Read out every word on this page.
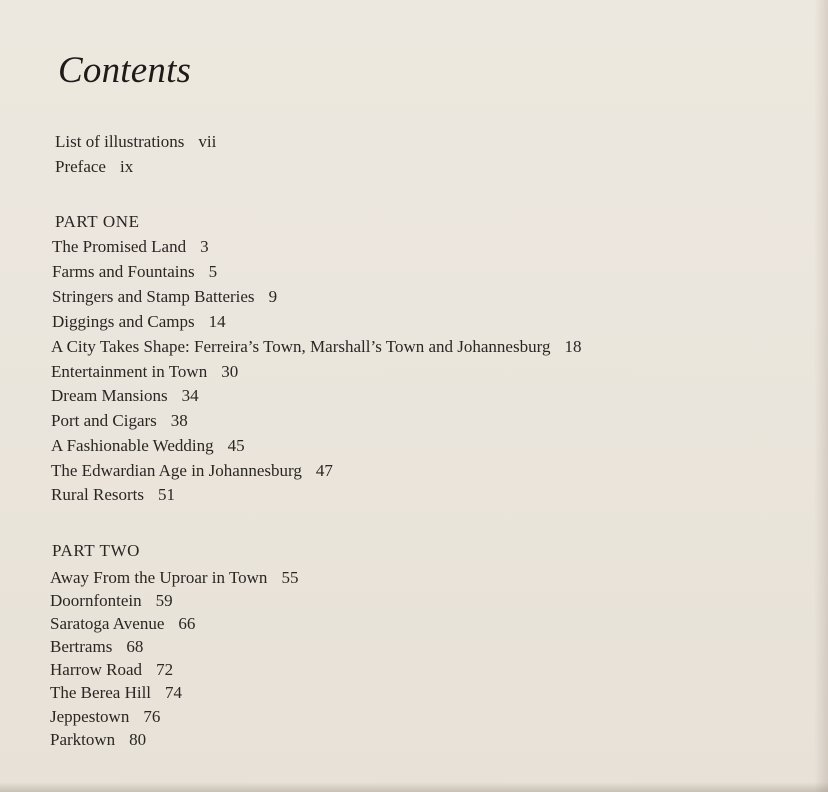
Contents
List of illustrations vii
Preface ix
PART ONE
The Promised Land 3
Farms and Fountains 5
Stringers and Stamp Batteries 9
Diggings and Camps 14
A City Takes Shape: Ferreira’s Town, Marshall’s Town and Johannesburg 18
Entertainment in Town 30
Dream Mansions 34
Port and Cigars 38
A Fashionable Wedding 45
The Edwardian Age in Johannesburg 47
Rural Resorts 51
PART TWO
Away From the Uproar in Town 55
Doornfontein 59
Saratoga Avenue 66
Bertrams 68
Harrow Road 72
The Berea Hill 74
Jeppestown 76
Parktown 80
